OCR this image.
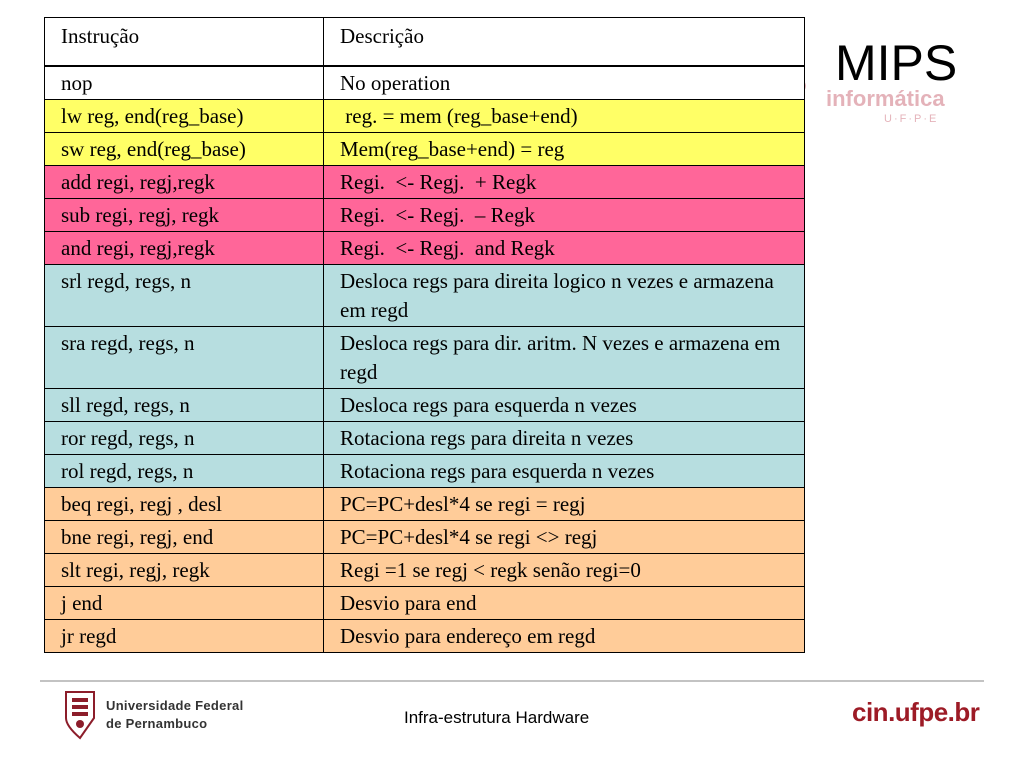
informática
U·F·P·E
MIPS
Instrução	Descrição
nop	No operation
lw reg, end(reg_base)	reg. = mem (reg_base+end)
sw reg, end(reg_base)	Mem(reg_base+end) = reg
add regi, regj,regk	Regi.  <- Regj.  + Regk
sub regi, regj, regk	Regi.  <- Regj.  – Regk
and regi, regj,regk	Regi.  <- Regj.  and Regk
srl regd, regs, n	Desloca regs para direita logico n vezes e armazena em regd
sra regd, regs, n	Desloca regs para dir. aritm. N vezes e armazena em regd
sll regd, regs, n	Desloca regs para esquerda n vezes
ror regd, regs, n	Rotaciona regs para direita n vezes
rol regd, regs, n	Rotaciona regs para esquerda n vezes
beq regi, regj , desl	PC=PC+desl*4 se regi = regj
bne regi, regj, end	PC=PC+desl*4 se regi <> regj
slt regi, regj, regk	Regi =1 se regj < regk senão regi=0
j end	Desvio para end
jr regd	Desvio para endereço em regd
Universidade Federal
de Pernambuco	Infra-estrutura Hardware	cin.ufpe.br
